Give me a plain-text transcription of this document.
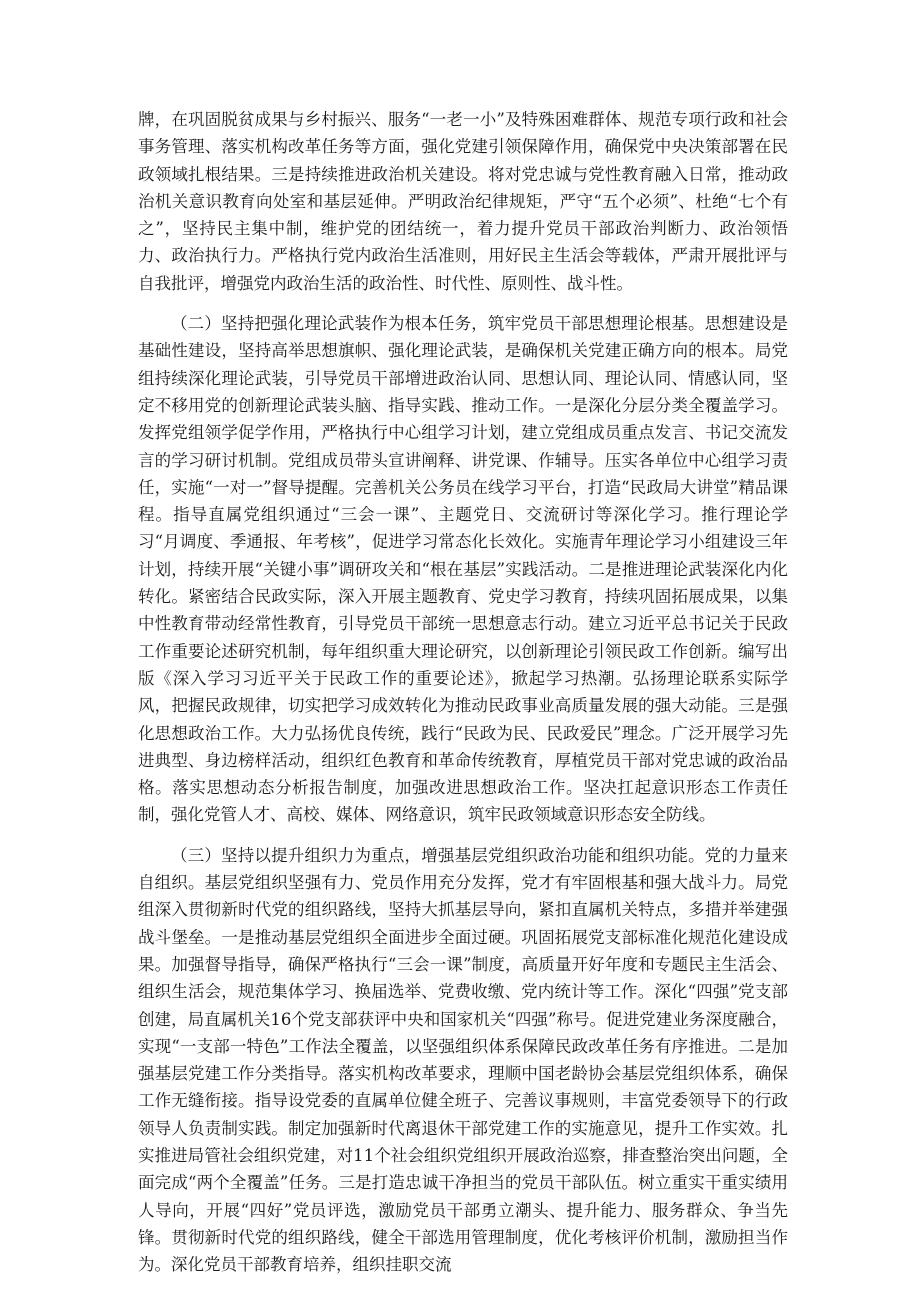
牌，在巩固脱贫成果与乡村振兴、服务“一老一小”及特殊困难群体、规范专项行政和社会事务管理、落实机构改革任务等方面，强化党建引领保障作用，确保党中央决策部署在民政领域扎根结果。三是持续推进政治机关建设。将对党忠诚与党性教育融入日常，推动政治机关意识教育向处室和基层延伸。严明政治纪律规矩，严守“五个必须”、杜绝“七个有之”，坚持民主集中制，维护党的团结统一，着力提升党员干部政治判断力、政治领悟力、政治执行力。严格执行党内政治生活准则，用好民主生活会等载体，严肃开展批评与自我批评，增强党内政治生活的政治性、时代性、原则性、战斗性。

（二）坚持把强化理论武装作为根本任务，筑牢党员干部思想理论根基。思想建设是基础性建设，坚持高举思想旗帜、强化理论武装，是确保机关党建正确方向的根本。局党组持续深化理论武装，引导党员干部增进政治认同、思想认同、理论认同、情感认同，坚定不移用党的创新理论武装头脑、指导实践、推动工作。一是深化分层分类全覆盖学习。发挥党组领学促学作用，严格执行中心组学习计划，建立党组成员重点发言、书记交流发言的学习研讨机制。党组成员带头宣讲阐释、讲党课、作辅导。压实各单位中心组学习责任，实施“一对一”督导提醒。完善机关公务员在线学习平台，打造“民政局大讲堂”精品课程。指导直属党组织通过“三会一课”、主题党日、交流研讨等深化学习。推行理论学习“月调度、季通报、年考核”，促进学习常态化长效化。实施青年理论学习小组建设三年计划，持续开展“关键小事”调研攻关和“根在基层”实践活动。二是推进理论武装深化内化转化。紧密结合民政实际，深入开展主题教育、党史学习教育，持续巩固拓展成果，以集中性教育带动经常性教育，引导党员干部统一思想意志行动。建立习近平总书记关于民政工作重要论述研究机制，每年组织重大理论研究，以创新理论引领民政工作创新。编写出版《深入学习习近平关于民政工作的重要论述》，掀起学习热潮。弘扬理论联系实际学风，把握民政规律，切实把学习成效转化为推动民政事业高质量发展的强大动能。三是强化思想政治工作。大力弘扬优良传统，践行“民政为民、民政爱民”理念。广泛开展学习先进典型、身边榜样活动，组织红色教育和革命传统教育，厚植党员干部对党忠诚的政治品格。落实思想动态分析报告制度，加强改进思想政治工作。坚决扛起意识形态工作责任制，强化党管人才、高校、媒体、网络意识，筑牢民政领域意识形态安全防线。

（三）坚持以提升组织力为重点，增强基层党组织政治功能和组织功能。党的力量来自组织。基层党组织坚强有力、党员作用充分发挥，党才有牢固根基和强大战斗力。局党组深入贯彻新时代党的组织路线，坚持大抓基层导向，紧扣直属机关特点，多措并举建强战斗堡垒。一是推动基层党组织全面进步全面过硬。巩固拓展党支部标准化规范化建设成果。加强督导指导，确保严格执行“三会一课”制度，高质量开好年度和专题民主生活会、组织生活会，规范集体学习、换届选举、党费收缴、党内统计等工作。深化“四强”党支部创建，局直属机关16个党支部获评中央和国家机关“四强”称号。促进党建业务深度融合，实现“一支部一特色”工作法全覆盖，以坚强组织体系保障民政改革任务有序推进。二是加强基层党建工作分类指导。落实机构改革要求，理顺中国老龄协会基层党组织体系，确保工作无缝衔接。指导设党委的直属单位健全班子、完善议事规则，丰富党委领导下的行政领导人负责制实践。制定加强新时代离退休干部党建工作的实施意见，提升工作实效。扎实推进局管社会组织党建，对11个社会组织党组织开展政治巡察，排查整治突出问题，全面完成“两个全覆盖”任务。三是打造忠诚干净担当的党员干部队伍。树立重实干重实绩用人导向，开展“四好”党员评选，激励党员干部勇立潮头、提升能力、服务群众、争当先锋。贯彻新时代党的组织路线，健全干部选用管理制度，优化考核评价机制，激励担当作为。深化党员干部教育培养，组织挂职交流
